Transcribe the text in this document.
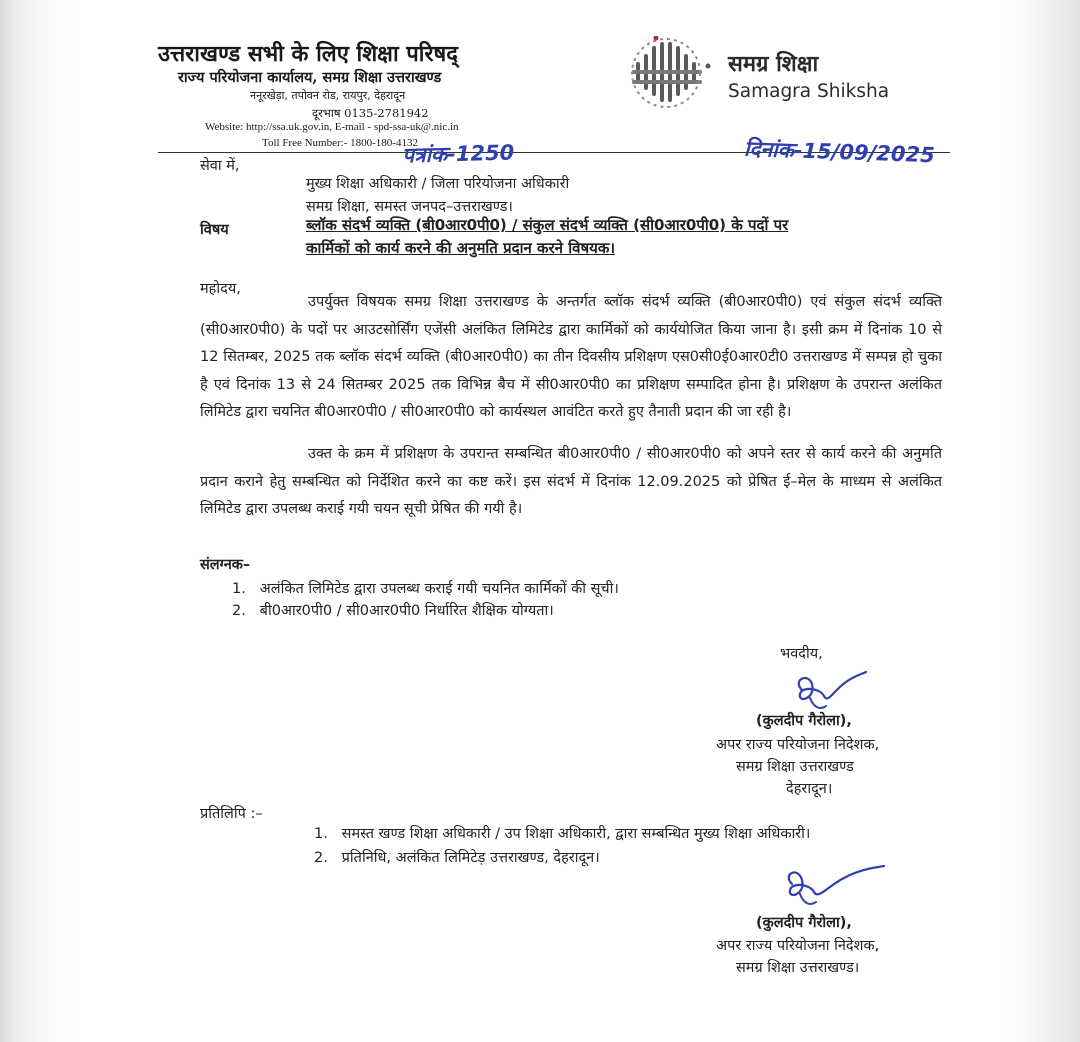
उत्तराखण्ड सभी के लिए शिक्षा परिषद्
राज्य परियोजना कार्यालय, समग्र शिक्षा उत्तराखण्ड
ननूरखेड़ा, तपोवन रोड, रायपुर, देहरादून
दूरभाष 0135-2781942
Website: http://ssa.uk.gov.in, E-mail - spd-ssa-uk@.nic.in
Toll Free Number:- 1800-180-4132
समग्र शिक्षा
Samagra Shiksha
पत्रांक-1250	दिनांक-15/09/2025
सेवा में,
मुख्य शिक्षा अधिकारी / जिला परियोजना अधिकारी
समग्र शिक्षा, समस्त जनपद–उत्तराखण्ड।
विषय	ब्लॉक संदर्भ व्यक्ति (बी0आर0पी0) / संकुल संदर्भ व्यक्ति (सी0आर0पी0) के पदों पर
कार्मिकों को कार्य करने की अनुमति प्रदान करने विषयक।
महोदय,
उपर्युक्त विषयक समग्र शिक्षा उत्तराखण्ड के अन्तर्गत ब्लॉक संदर्भ व्यक्ति (बी0आर0पी0) एवं संकुल संदर्भ व्यक्ति (सी0आर0पी0) के पदों पर आउटसोर्सिंग एजेंसी अलंकित लिमिटेड द्वारा कार्मिकों को कार्ययोजित किया जाना है। इसी क्रम में दिनांक 10 से 12 सितम्बर, 2025 तक ब्लॉक संदर्भ व्यक्ति (बी0आर0पी0) का तीन दिवसीय प्रशिक्षण एस0सी0ई0आर0टी0 उत्तराखण्ड में सम्पन्न हो चुका है एवं दिनांक 13 से 24 सितम्बर 2025 तक विभिन्न बैच में सी0आर0पी0 का प्रशिक्षण सम्पादित होना है। प्रशिक्षण के उपरान्त अलंकित लिमिटेड द्वारा चयनित बी0आर0पी0 / सी0आर0पी0 को कार्यस्थल आवंटित करते हुए तैनाती प्रदान की जा रही है।
उक्त के क्रम में प्रशिक्षण के उपरान्त सम्बन्धित बी0आर0पी0 / सी0आर0पी0 को अपने स्तर से कार्य करने की अनुमति प्रदान कराने हेतु सम्बन्धित को निर्देशित करने का कष्ट करें। इस संदर्भ में दिनांक 12.09.2025 को प्रेषित ई–मेल के माध्यम से अलंकित लिमिटेड द्वारा उपलब्ध कराई गयी चयन सूची प्रेषित की गयी है।
संलग्नक–
1.   अलंकित लिमिटेड द्वारा उपलब्ध कराई गयी चयनित कार्मिकों की सूची।
2.   बी0आर0पी0 / सी0आर0पी0 निर्धारित शैक्षिक योग्यता।
भवदीय,
(कुलदीप गैरोला),
अपर राज्य परियोजना निदेशक,
समग्र शिक्षा उत्तराखण्ड
देहरादून।
प्रतिलिपि :–
1.   समस्त खण्ड शिक्षा अधिकारी / उप शिक्षा अधिकारी, द्वारा सम्बन्धित मुख्य शिक्षा अधिकारी।
2.   प्रतिनिधि, अलंकित लिमिटेड़ उत्तराखण्ड, देहरादून।
(कुलदीप गैरोला),
अपर राज्य परियोजना निदेशक,
समग्र शिक्षा उत्तराखण्ड।
